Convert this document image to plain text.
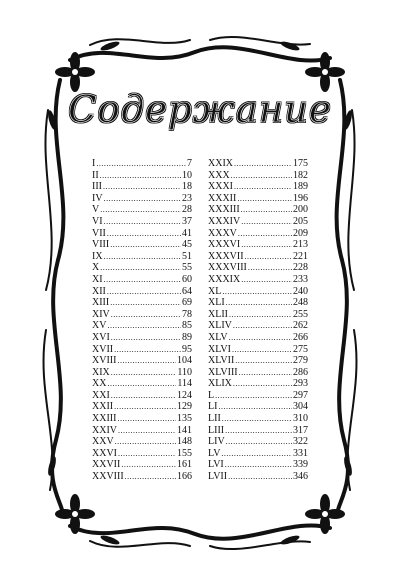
Содержание
I .....	7
II .....	10
III .....	18
IV .....	23
V .....	28
VI .....	37
VII .....	41
VIII .....	45
IX .....	51
X .....	55
XI .....	60
XII .....	64
XIII .....	69
XIV .....	78
XV .....	85
XVI .....	89
XVII .....	95
XVIII .....	104
XIX .....	110
XX .....	114
XXI .....	124
XXII .....	129
XXIII .....	135
XXIV .....	141
XXV .....	148
XXVI .....	155
XXVII .....	161
XXVIII .....	166
XXIX .....	175
XXX .....	182
XXXI .....	189
XXXII .....	196
XXXIII .....	200
XXXIV .....	205
XXXV .....	209
XXXVI .....	213
XXXVII .....	221
XXXVIII .....	228
XXXIX .....	233
XL .....	240
XLI .....	248
XLII .....	255
XLIV .....	262
XLV .....	266
XLVI .....	275
XLVII .....	279
XLVIII .....	286
XLIX .....	293
L .....	297
LI .....	304
LII .....	310
LIII .....	317
LIV .....	322
LV .....	331
LVI .....	339
LVII .....	346
